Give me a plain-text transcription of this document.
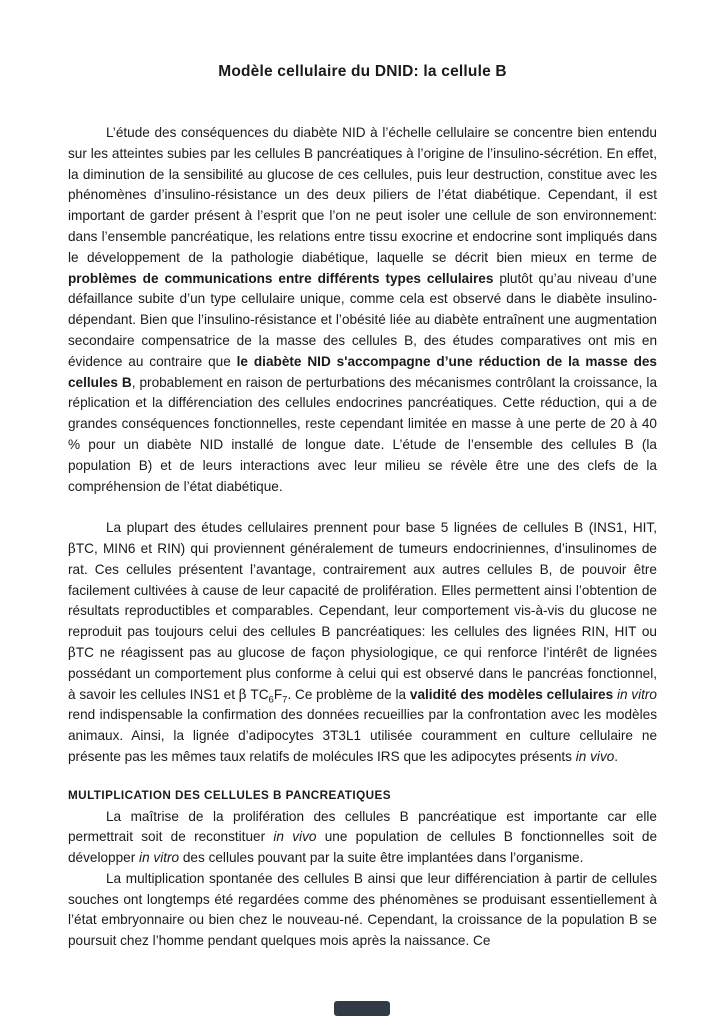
Modèle cellulaire du DNID: la cellule B

L’étude des conséquences du diabète NID à l’échelle cellulaire se concentre bien entendu sur les atteintes subies par les cellules B pancréatiques à l’origine de l’insulino-sécrétion. En effet, la diminution de la sensibilité au glucose de ces cellules, puis leur destruction, constitue avec les phénomènes d’insulino-résistance un des deux piliers de l’état diabétique. Cependant, il est important de garder présent à l’esprit que l’on ne peut isoler une cellule de son environnement: dans l’ensemble pancréatique, les relations entre tissu exocrine et endocrine sont impliqués dans le développement de la pathologie diabétique, laquelle se décrit bien mieux en terme de problèmes de communications entre différents types cellulaires plutôt qu’au niveau d’une défaillance subite d’un type cellulaire unique, comme cela est observé dans le diabète insulino-dépendant. Bien que l’insulino-résistance et l’obésité liée au diabète entraînent une augmentation secondaire compensatrice de la masse des cellules B, des études comparatives ont mis en évidence au contraire que le diabète NID s'accompagne d’une réduction de la masse des cellules B, probablement en raison de perturbations des mécanismes contrôlant la croissance, la réplication et la différenciation des cellules endocrines pancréatiques. Cette réduction, qui a de grandes conséquences fonctionnelles, reste cependant limitée en masse à une perte de 20 à 40 % pour un diabète NID installé de longue date. L’étude de l’ensemble des cellules B (la population B) et de leurs interactions avec leur milieu se révèle être une des clefs de la compréhension de l’état diabétique.

La plupart des études cellulaires prennent pour base 5 lignées de cellules B (INS1, HIT, βTC, MIN6 et RIN) qui proviennent généralement de tumeurs endocriniennes, d’insulinomes de rat. Ces cellules présentent l’avantage, contrairement aux autres cellules B, de pouvoir être facilement cultivées à cause de leur capacité de prolifération. Elles permettent ainsi l’obtention de résultats reproductibles et comparables. Cependant, leur comportement vis-à-vis du glucose ne reproduit pas toujours celui des cellules B pancréatiques: les cellules des lignées RIN, HIT ou βTC ne réagissent pas au glucose de façon physiologique, ce qui renforce l’intérêt de lignées possédant un comportement plus conforme à celui qui est observé dans le pancréas fonctionnel, à savoir les cellules INS1 et β $TC_6F_7$. Ce problème de la validité des modèles cellulaires in vitro rend indispensable la confirmation des données recueillies par la confrontation avec les modèles animaux. Ainsi, la lignée d’adipocytes 3T3L1 utilisée couramment en culture cellulaire ne présente pas les mêmes taux relatifs de molécules IRS que les adipocytes présents in vivo.

MULTIPLICATION DES CELLULES B PANCREATIQUES

La maîtrise de la prolifération des cellules B pancréatique est importante car elle permettrait soit de reconstituer in vivo une population de cellules B fonctionnelles soit de développer in vitro des cellules pouvant par la suite être implantées dans l’organisme.

La multiplication spontanée des cellules B ainsi que leur différenciation à partir de cellules souches ont longtemps été regardées comme des phénomènes se produisant essentiellement à l’état embryonnaire ou bien chez le nouveau-né. Cependant, la croissance de la population B se poursuit chez l’homme pendant quelques mois après la naissance. Ce
